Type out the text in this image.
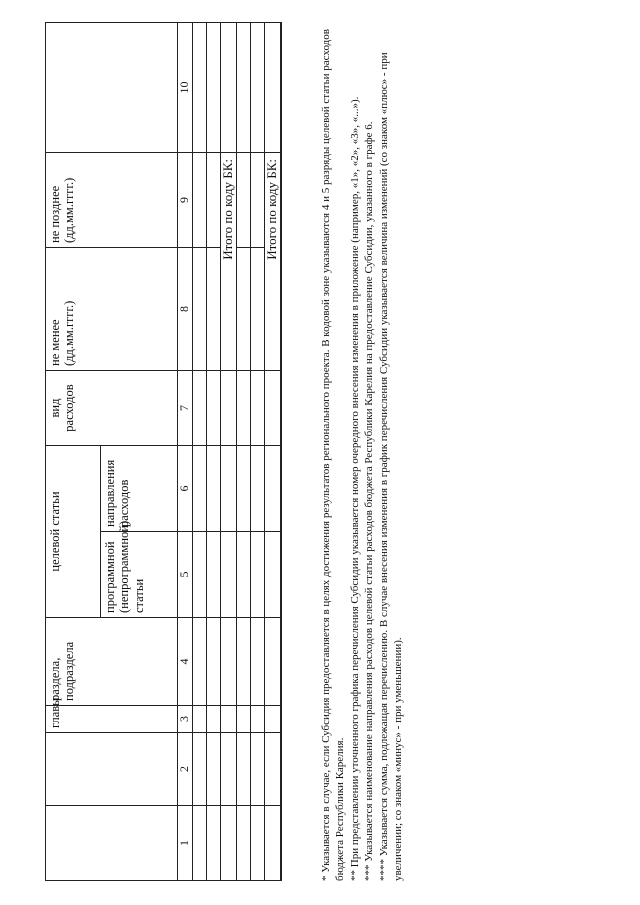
		главы	раздела, подраздела	целевой статьи		вид расходов	не менее (дд.мм.гггг.)	не позднее (дд.мм.гггг.)	
				программной (непрограммной) статьи	направления расходов				
1	2	3	4	5	6	7	8	9	10

							Итого по коду БК:		

							Итого по коду БК:			* Указывается в случае, если Субсидия предоставляется в целях достижения результатов регионального проекта. В кодовой зоне указываются 4 и 5 разряды целевой статьи расходов бюджета Республики Карелия. ** При представлении уточненного графика перечисления Субсидии указывается номер очередного внесения изменения в приложение (например, «1», «2», «3», «...»). *** Указывается наименование направления расходов целевой статьи расходов бюджета Республики Карелия на предоставление Субсидии, указанного в графе 6. **** Указывается сумма, подлежащая перечислению. В случае внесения изменения в график перечисления Субсидии указывается величина изменений (со знаком «плюс» - при увеличении; со знаком «минус» - при уменьшении).
